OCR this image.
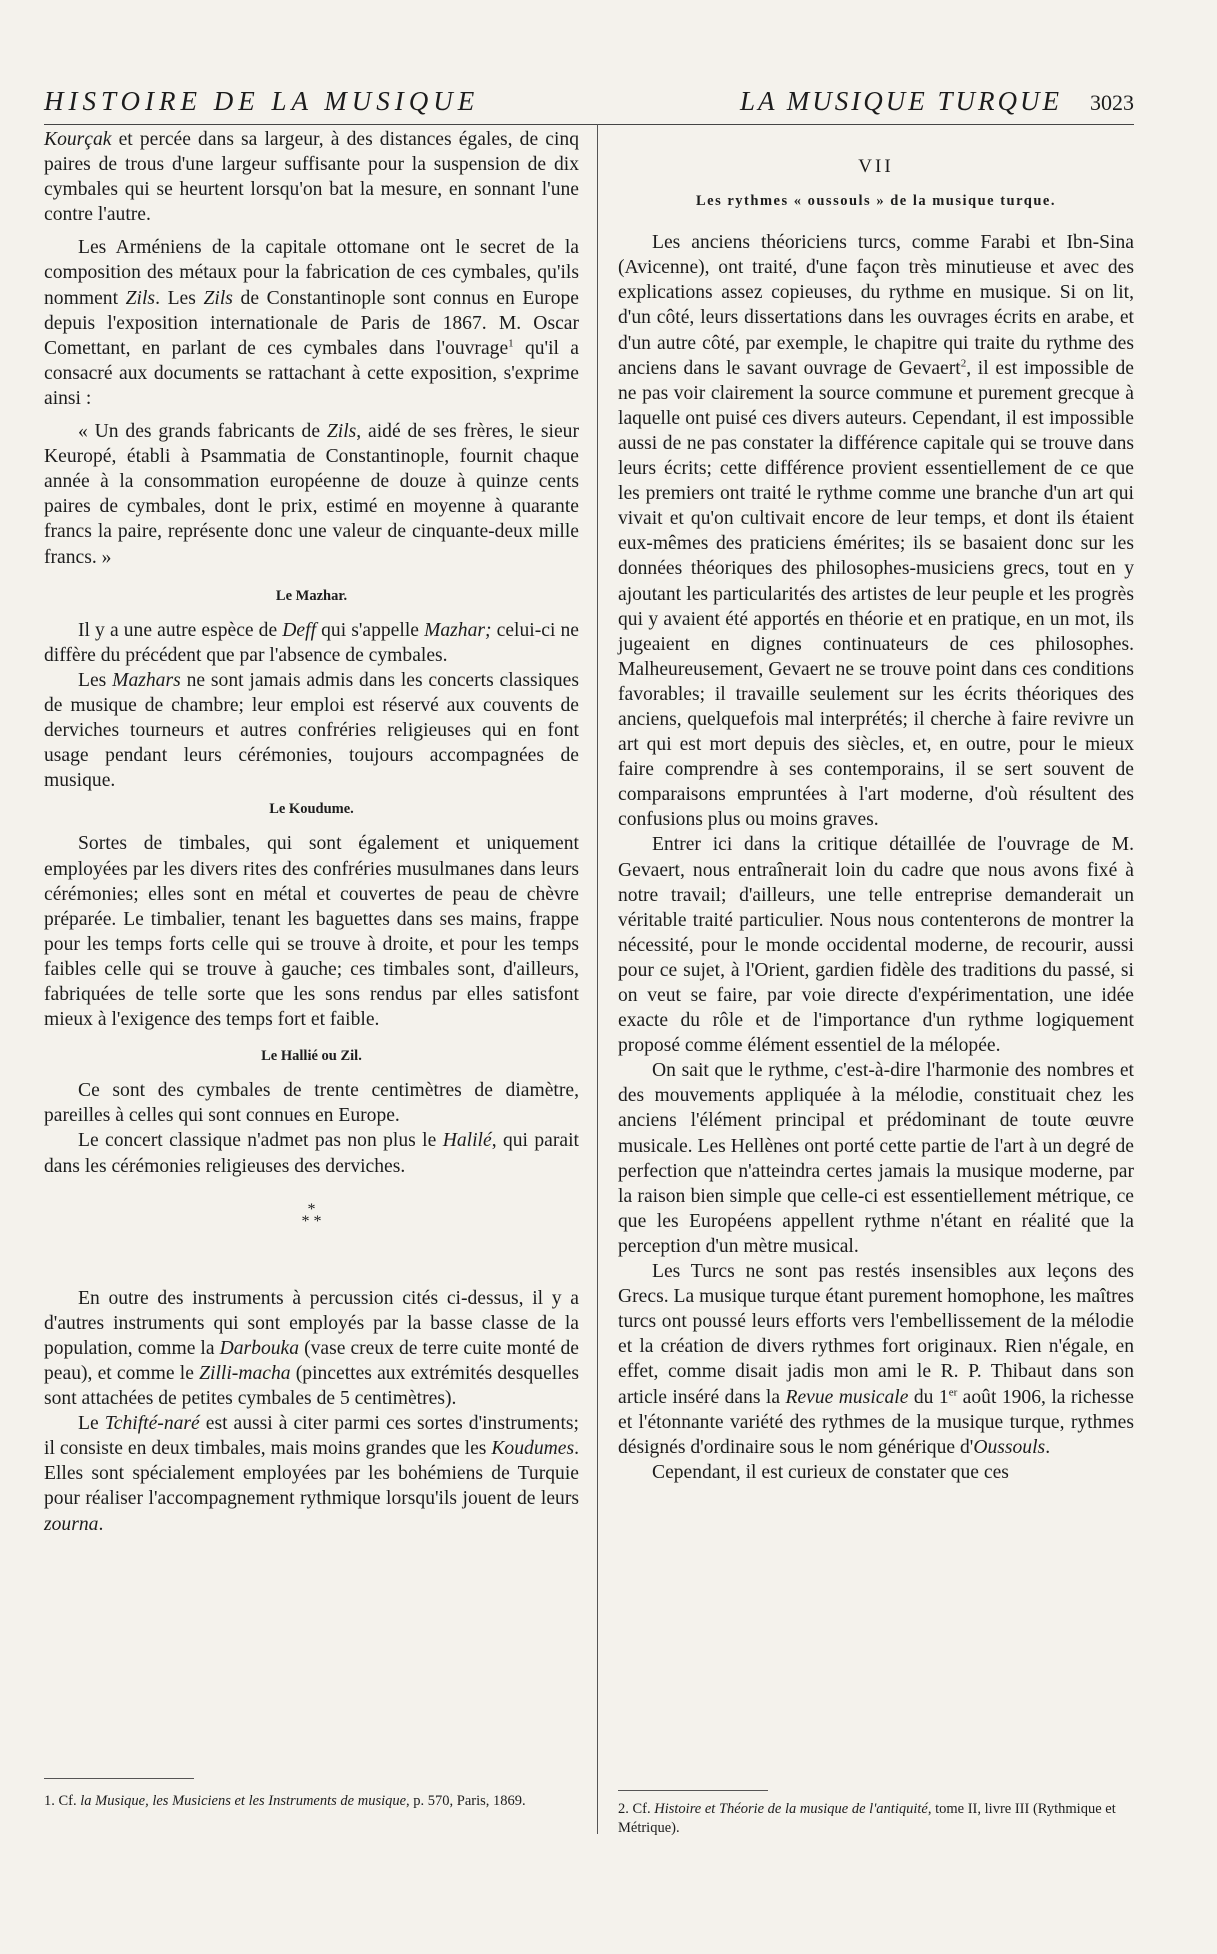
HISTOIRE DE LA MUSIQUE	LA MUSIQUE TURQUE 3023

Kourçak et percée dans sa largeur, à des distances égales, de cinq paires de trous d'une largeur suffisante pour la suspension de dix cymbales qui se heurtent lorsqu'on bat la mesure, en sonnant l'une contre l'autre.

Les Arméniens de la capitale ottomane ont le secret de la composition des métaux pour la fabrication de ces cymbales, qu'ils nomment Zils. Les Zils de Constantinople sont connus en Europe depuis l'exposition internationale de Paris de 1867. M. Oscar Comettant, en parlant de ces cymbales dans l'ouvrage$^1$ qu'il a consacré aux documents se rattachant à cette exposition, s'exprime ainsi :

« Un des grands fabricants de Zils, aidé de ses frères, le sieur Keuropé, établi à Psammatia de Constantinople, fournit chaque année à la consommation européenne de douze à quinze cents paires de cymbales, dont le prix, estimé en moyenne à quarante francs la paire, représente donc une valeur de cinquante-deux mille francs. »

Le Mazhar.

Il y a une autre espèce de Deff qui s'appelle Mazhar; celui-ci ne diffère du précédent que par l'absence de cymbales.

Les Mazhars ne sont jamais admis dans les concerts classiques de musique de chambre; leur emploi est réservé aux couvents de derviches tourneurs et autres confréries religieuses qui en font usage pendant leurs cérémonies, toujours accompagnées de musique.

Le Koudume.

Sortes de timbales, qui sont également et uniquement employées par les divers rites des confréries musulmanes dans leurs cérémonies; elles sont en métal et couvertes de peau de chèvre préparée. Le timbalier, tenant les baguettes dans ses mains, frappe pour les temps forts celle qui se trouve à droite, et pour les temps faibles celle qui se trouve à gauche; ces timbales sont, d'ailleurs, fabriquées de telle sorte que les sons rendus par elles satisfont mieux à l'exigence des temps fort et faible.

Le Hallié ou Zil.

Ce sont des cymbales de trente centimètres de diamètre, pareilles à celles qui sont connues en Europe.

Le concert classique n'admet pas non plus le Halilé, qui parait dans les cérémonies religieuses des derviches.

*
* *

En outre des instruments à percussion cités ci-dessus, il y a d'autres instruments qui sont employés par la basse classe de la population, comme la Darbouka (vase creux de terre cuite monté de peau), et comme le Zilli-macha (pincettes aux extrémités desquelles sont attachées de petites cymbales de 5 centimètres).

Le Tchifté-naré est aussi à citer parmi ces sortes d'instruments; il consiste en deux timbales, mais moins grandes que les Koudumes. Elles sont spécialement employées par les bohémiens de Turquie pour réaliser l'accompagnement rythmique lorsqu'ils jouent de leurs zourna.

1. Cf. la Musique, les Musiciens et les Instruments de musique, p. 570, Paris, 1869.
VII
Les rythmes « oussouls » de la musique turque.

Les anciens théoriciens turcs, comme Farabi et Ibn-Sina (Avicenne), ont traité, d'une façon très minutieuse et avec des explications assez copieuses, du rythme en musique. Si on lit, d'un côté, leurs dissertations dans les ouvrages écrits en arabe, et d'un autre côté, par exemple, le chapitre qui traite du rythme des anciens dans le savant ouvrage de Gevaert$^2$, il est impossible de ne pas voir clairement la source commune et purement grecque à laquelle ont puisé ces divers auteurs. Cependant, il est impossible aussi de ne pas constater la différence capitale qui se trouve dans leurs écrits; cette différence provient essentiellement de ce que les premiers ont traité le rythme comme une branche d'un art qui vivait et qu'on cultivait encore de leur temps, et dont ils étaient eux-mêmes des praticiens émérites; ils se basaient donc sur les données théoriques des philosophes-musiciens grecs, tout en y ajoutant les particularités des artistes de leur peuple et les progrès qui y avaient été apportés en théorie et en pratique, en un mot, ils jugeaient en dignes continuateurs de ces philosophes. Malheureusement, Gevaert ne se trouve point dans ces conditions favorables; il travaille seulement sur les écrits théoriques des anciens, quelquefois mal interprétés; il cherche à faire revivre un art qui est mort depuis des siècles, et, en outre, pour le mieux faire comprendre à ses contemporains, il se sert souvent de comparaisons empruntées à l'art moderne, d'où résultent des confusions plus ou moins graves.

Entrer ici dans la critique détaillée de l'ouvrage de M. Gevaert, nous entraînerait loin du cadre que nous avons fixé à notre travail; d'ailleurs, une telle entreprise demanderait un véritable traité particulier. Nous nous contenterons de montrer la nécessité, pour le monde occidental moderne, de recourir, aussi pour ce sujet, à l'Orient, gardien fidèle des traditions du passé, si on veut se faire, par voie directe d'expérimentation, une idée exacte du rôle et de l'importance d'un rythme logiquement proposé comme élément essentiel de la mélopée.

On sait que le rythme, c'est-à-dire l'harmonie des nombres et des mouvements appliquée à la mélodie, constituait chez les anciens l'élément principal et prédominant de toute œuvre musicale. Les Hellènes ont porté cette partie de l'art à un degré de perfection que n'atteindra certes jamais la musique moderne, par la raison bien simple que celle-ci est essentiellement métrique, ce que les Européens appellent rythme n'étant en réalité que la perception d'un mètre musical.

Les Turcs ne sont pas restés insensibles aux leçons des Grecs. La musique turque étant purement homophone, les maîtres turcs ont poussé leurs efforts vers l'embellissement de la mélodie et la création de divers rythmes fort originaux. Rien n'égale, en effet, comme disait jadis mon ami le R. P. Thibaut dans son article inséré dans la Revue musicale du 1er août 1906, la richesse et l'étonnante variété des rythmes de la musique turque, rythmes désignés d'ordinaire sous le nom générique d'Oussouls.

Cependant, il est curieux de constater que ces

2. Cf. Histoire et Théorie de la musique de l'antiquité, tome II, livre III (Rythmique et Métrique).
